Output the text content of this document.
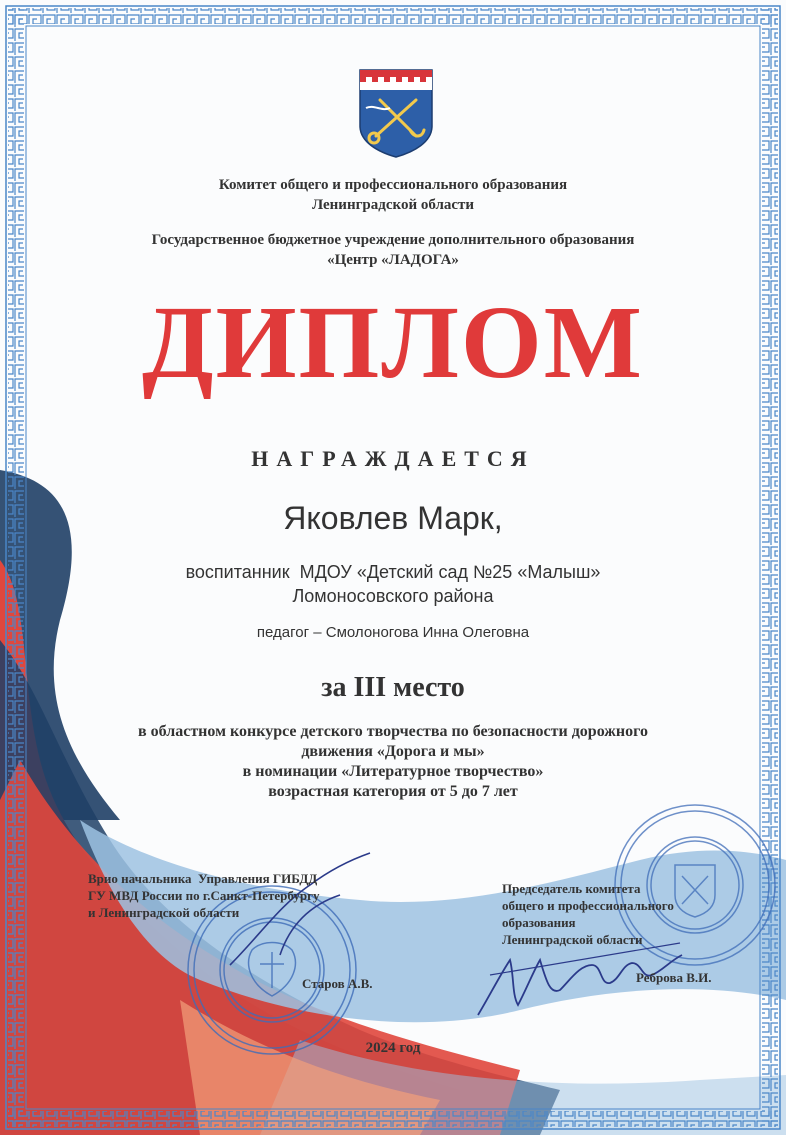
Комитет общего и профессионального образования
Ленинградской области
Государственное бюджетное учреждение дополнительного образования
«Центр «ЛАДОГА»
ДИПЛОМ
НАГРАЖДАЕТСЯ
Яковлев Марк,
воспитанник  МДОУ «Детский сад №25 «Малыш»
Ломоносовского района
педагог – Смолоногова Инна Олеговна
за III место
в областном конкурсе детского творчества по безопасности дорожного
движения «Дорога и мы»
в номинации «Литературное творчество»
возрастная категория от 5 до 7 лет
Врио начальника  Управления ГИБДД
ГУ МВД России по г.Санкт-Петербургу
и Ленинградской области
Старов А.В.
Председатель комитета
общего и профессионального
образования
Ленинградской области
Реброва В.И.
2024 год
